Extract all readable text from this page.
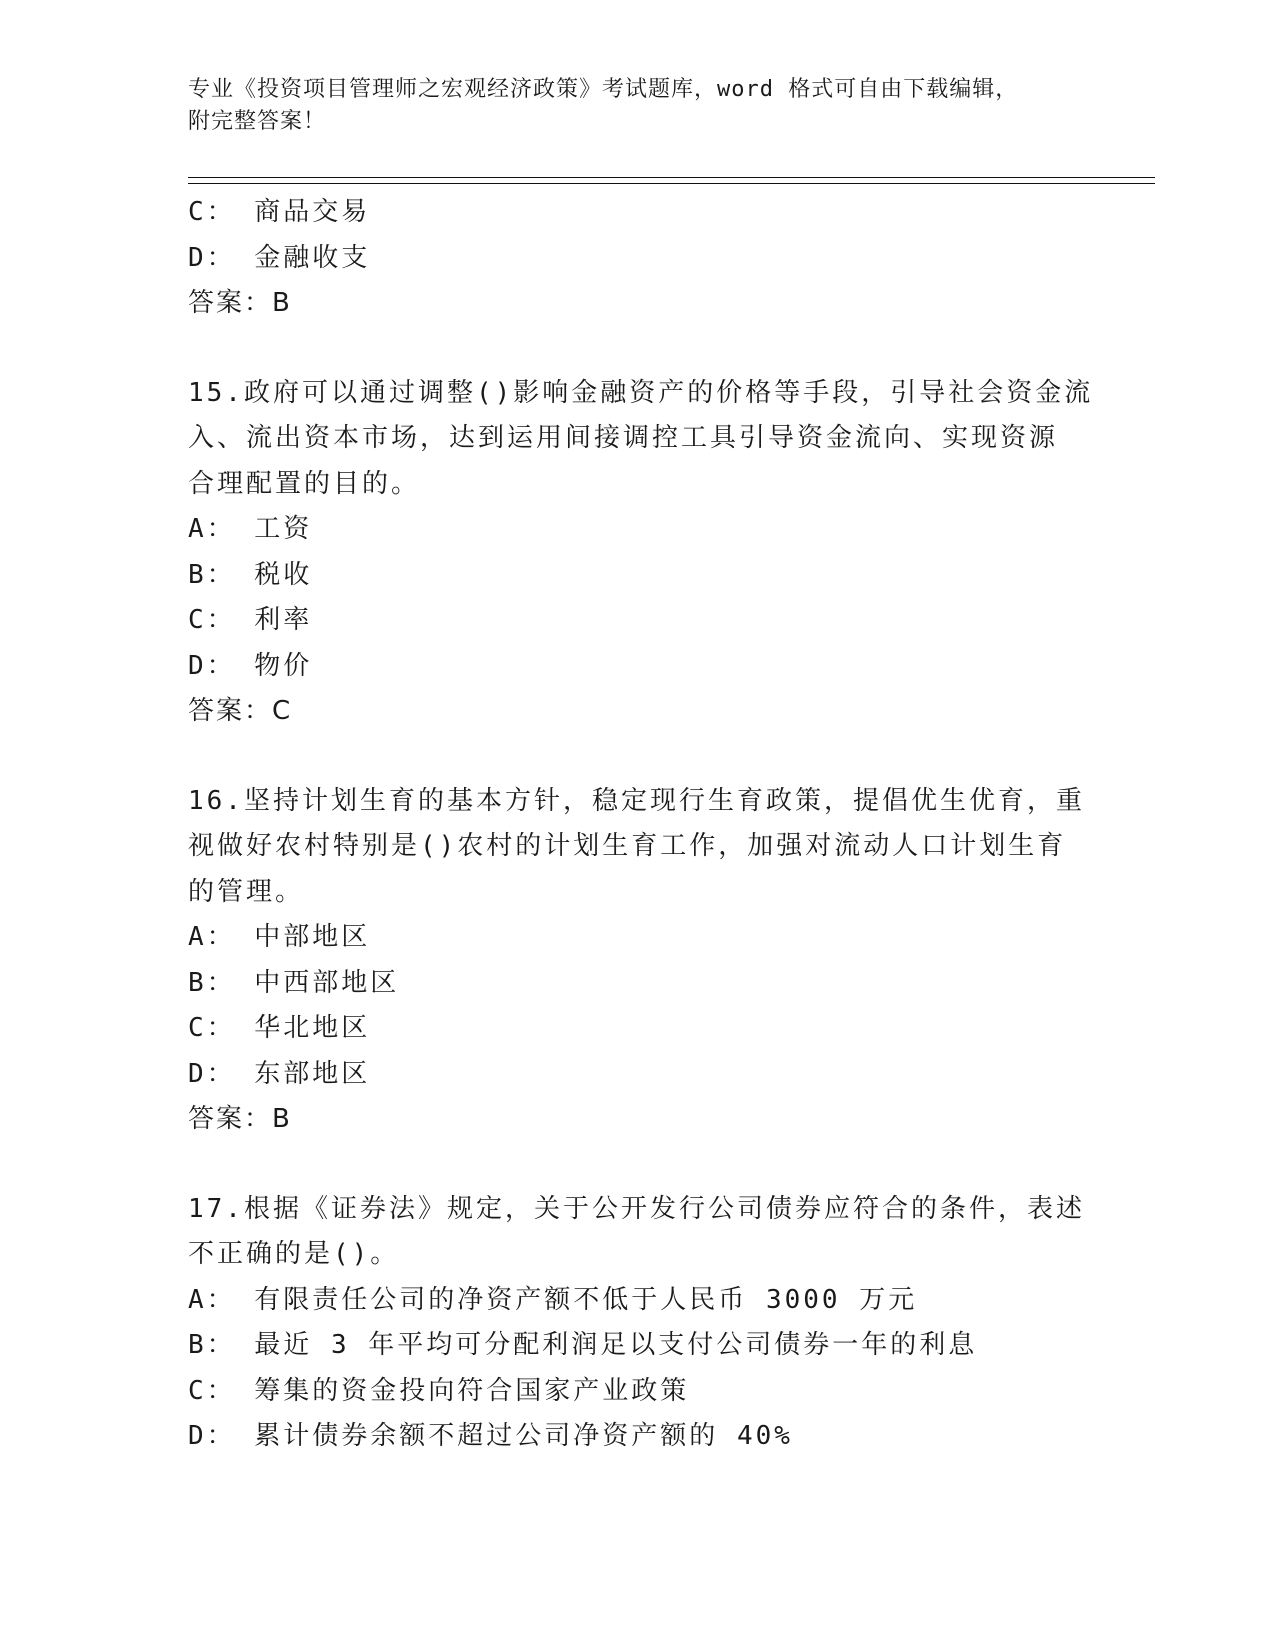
专业《投资项目管理师之宏观经济政策》考试题库，word 格式可自由下载编辑，
附完整答案！
C： 商品交易
D： 金融收支
答案：B
15.政府可以通过调整()影响金融资产的价格等手段，引导社会资金流
入、流出资本市场，达到运用间接调控工具引导资金流向、实现资源
合理配置的目的。
A： 工资
B： 税收
C： 利率
D： 物价
答案：C
16.坚持计划生育的基本方针，稳定现行生育政策，提倡优生优育，重
视做好农村特别是()农村的计划生育工作，加强对流动人口计划生育
的管理。
A： 中部地区
B： 中西部地区
C： 华北地区
D： 东部地区
答案：B
17.根据《证券法》规定，关于公开发行公司债券应符合的条件，表述
不正确的是()。
A： 有限责任公司的净资产额不低于人民币 3000 万元
B： 最近 3 年平均可分配利润足以支付公司债券一年的利息
C： 筹集的资金投向符合国家产业政策
D： 累计债券余额不超过公司净资产额的 40%
